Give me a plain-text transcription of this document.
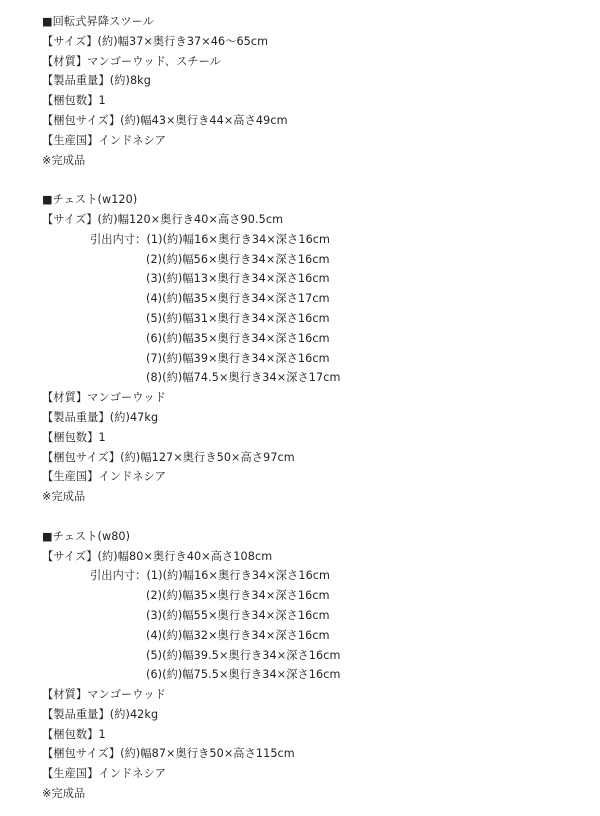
■回転式昇降スツール
【サイズ】(約)幅37×奥行き37×46～65cm
【材質】マンゴーウッド、スチール
【製品重量】(約)8kg
【梱包数】1
【梱包サイズ】(約)幅43×奥行き44×高さ49cm
【生産国】インドネシア
※完成品
■チェスト(w120)
【サイズ】(約)幅120×奥行き40×高さ90.5cm
引出内寸：(1)(約)幅16×奥行き34×深さ16cm
(2)(約)幅56×奥行き34×深さ16cm
(3)(約)幅13×奥行き34×深さ16cm
(4)(約)幅35×奥行き34×深さ17cm
(5)(約)幅31×奥行き34×深さ16cm
(6)(約)幅35×奥行き34×深さ16cm
(7)(約)幅39×奥行き34×深さ16cm
(8)(約)幅74.5×奥行き34×深さ17cm
【材質】マンゴーウッド
【製品重量】(約)47kg
【梱包数】1
【梱包サイズ】(約)幅127×奥行き50×高さ97cm
【生産国】インドネシア
※完成品
■チェスト(w80)
【サイズ】(約)幅80×奥行き40×高さ108cm
引出内寸：(1)(約)幅16×奥行き34×深さ16cm
(2)(約)幅35×奥行き34×深さ16cm
(3)(約)幅55×奥行き34×深さ16cm
(4)(約)幅32×奥行き34×深さ16cm
(5)(約)幅39.5×奥行き34×深さ16cm
(6)(約)幅75.5×奥行き34×深さ16cm
【材質】マンゴーウッド
【製品重量】(約)42kg
【梱包数】1
【梱包サイズ】(約)幅87×奥行き50×高さ115cm
【生産国】インドネシア
※完成品
